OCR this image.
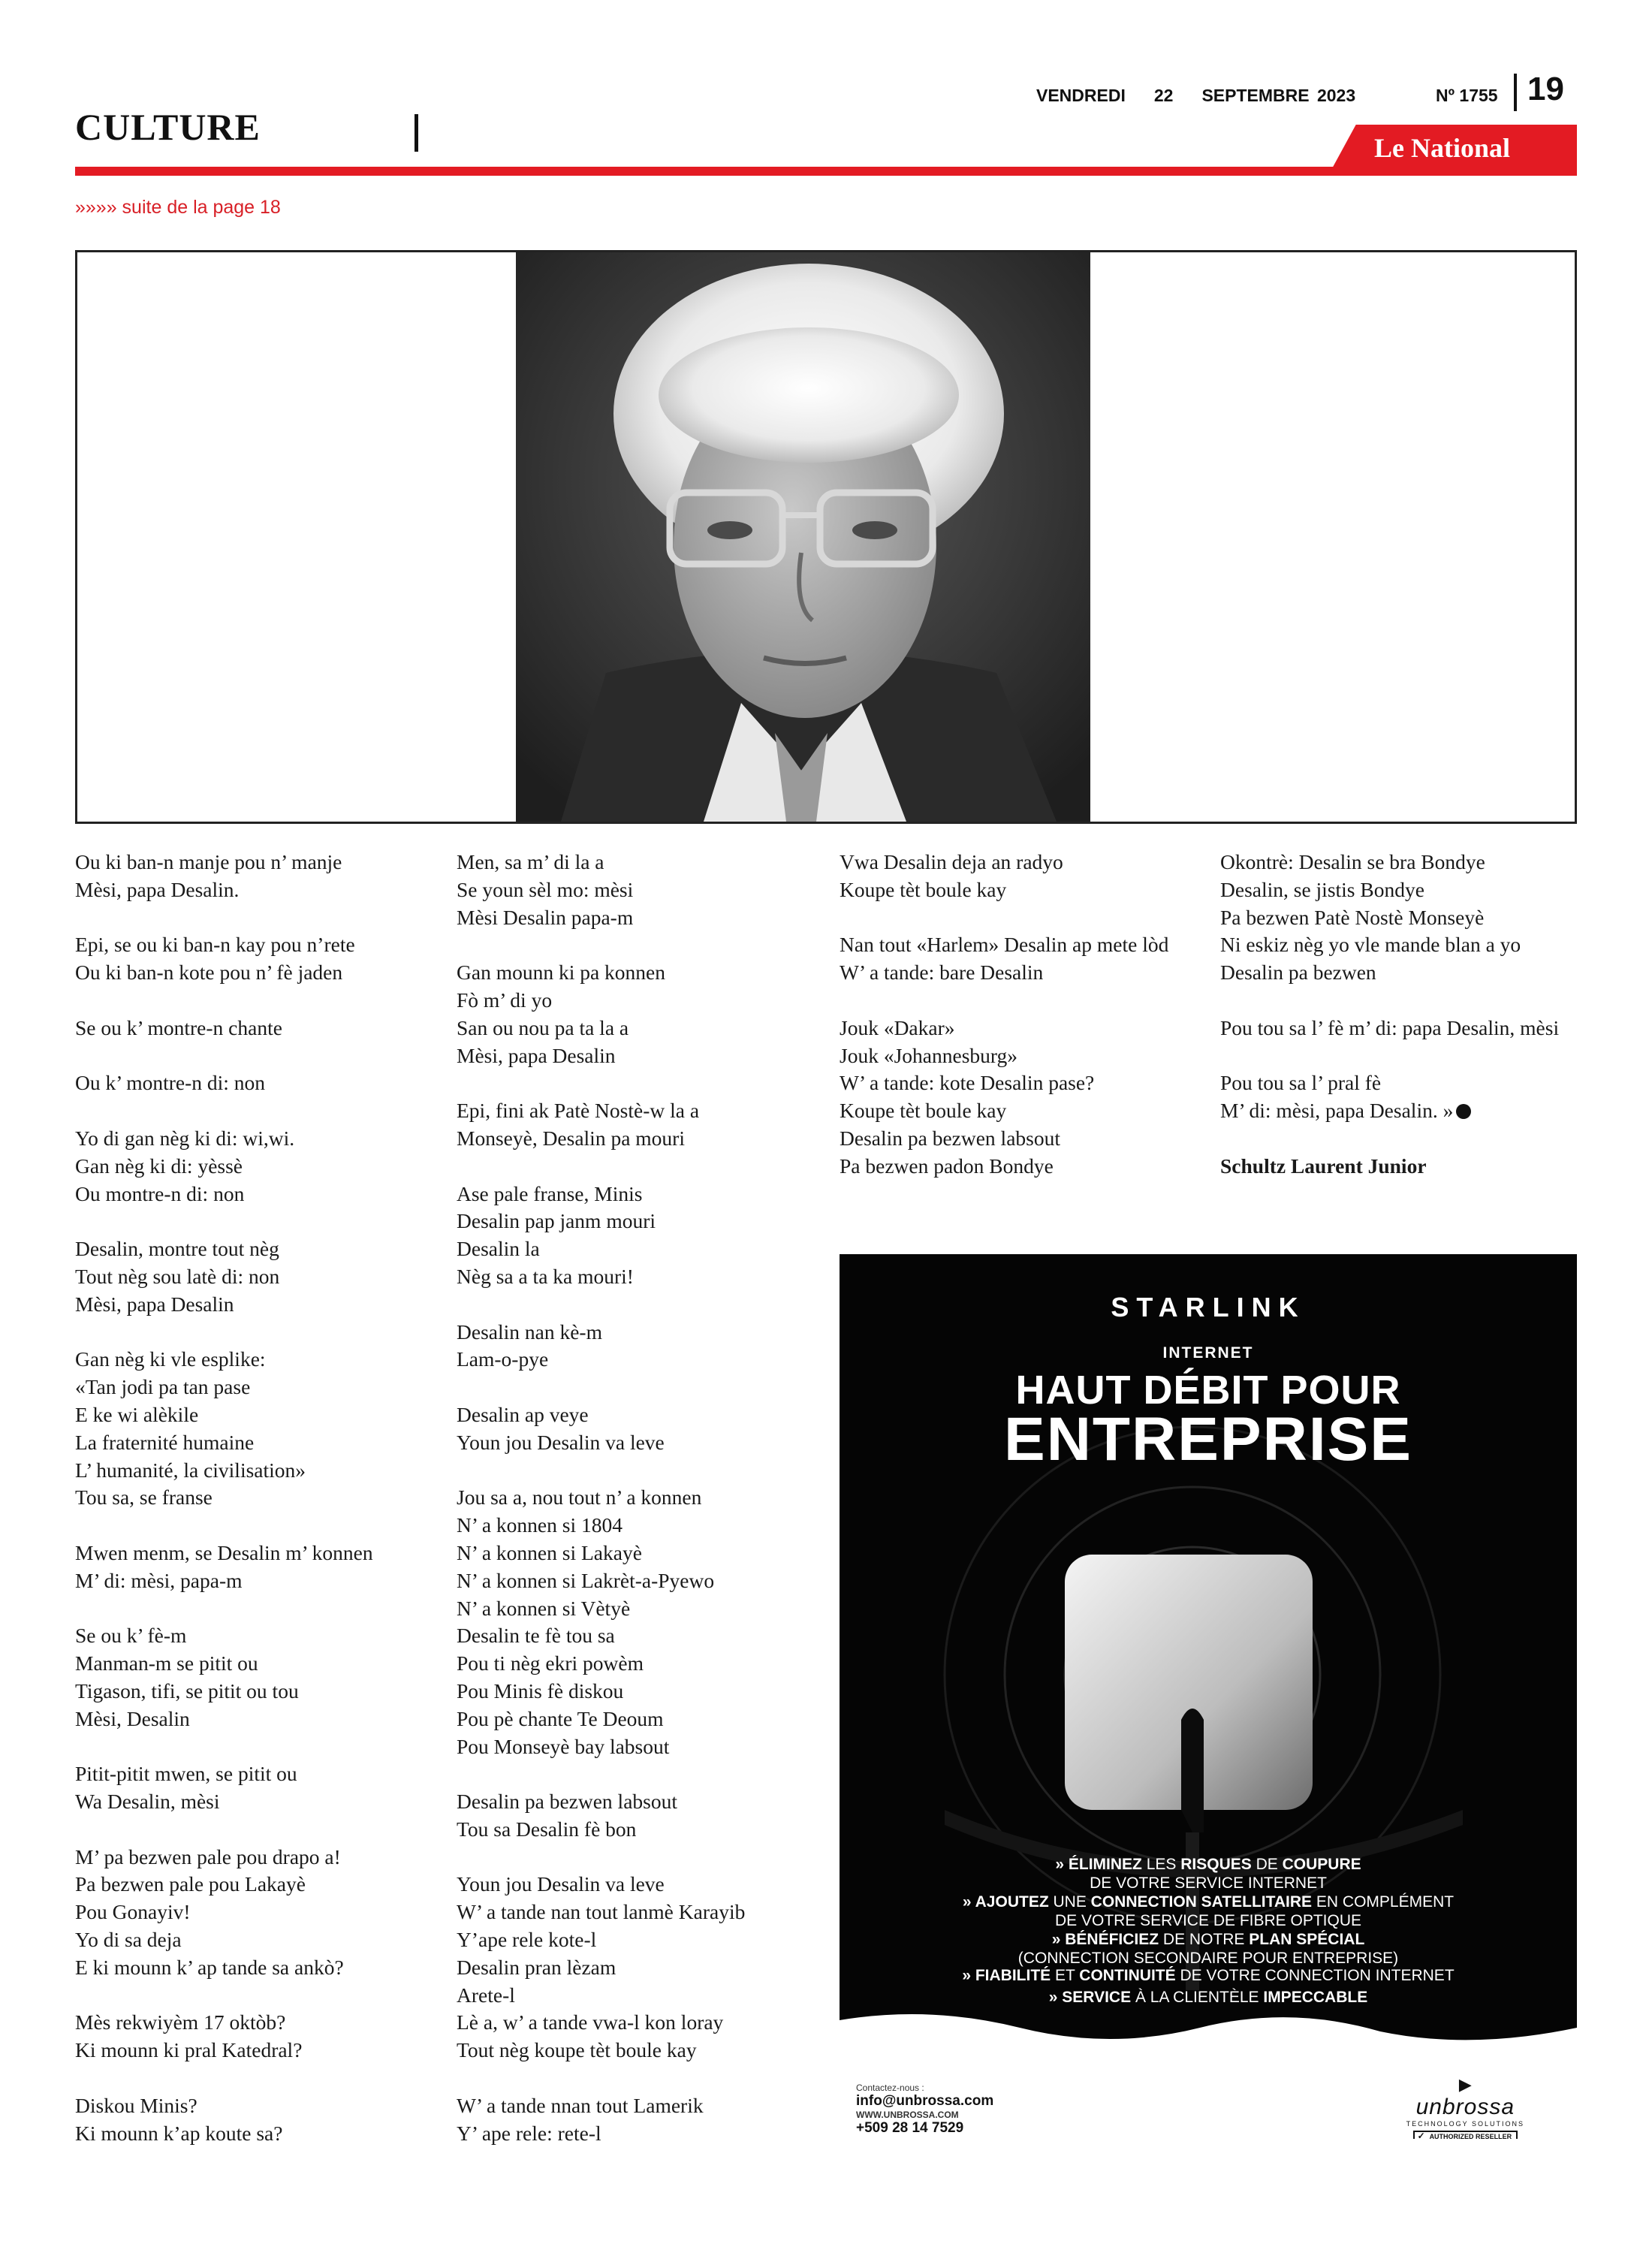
CULTURE
VENDREDI 22 SEPTEMBRE 2023	Nº 1755 19
Le National
»»»» suite de la page 18

Ou ki ban-n manje pou n’ manje
Mèsi, papa Desalin.

Epi, se ou ki ban-n kay pou n’rete
Ou ki ban-n kote pou n’ fè jaden

Se ou k’ montre-n chante

Ou k’ montre-n di: non

Yo di gan nèg ki di: wi,wi.
Gan nèg ki di: yèssè
Ou montre-n di: non

Desalin, montre tout nèg
Tout nèg sou latè di: non
Mèsi, papa Desalin

Gan nèg ki vle esplike:
«Tan jodi pa tan pase
E ke wi alèkile
La fraternité humaine
L’ humanité, la civilisation»
Tou sa, se franse

Mwen menm, se Desalin m’ konnen
M’ di: mèsi, papa-m

Se ou k’ fè-m
Manman-m se pitit ou
Tigason, tifi, se pitit ou tou
Mèsi, Desalin

Pitit-pitit mwen, se pitit ou
Wa Desalin, mèsi

M’ pa bezwen pale pou drapo a!
Pa bezwen pale pou Lakayè
Pou Gonayiv!
Yo di sa deja
E ki mounn k’ ap tande sa ankò?

Mès rekwiyèm 17 oktòb?
Ki mounn ki pral Katedral?

Diskou Minis?
Ki mounn k’ap koute sa?

Men, sa m’ di la a
Se youn sèl mo: mèsi
Mèsi Desalin papa-m

Gan mounn ki pa konnen
Fò m’ di yo
San ou nou pa ta la a
Mèsi, papa Desalin

Epi, fini ak Patè Nostè-w la a
Monseyè, Desalin pa mouri

Ase pale franse, Minis
Desalin pap janm mouri
Desalin la
Nèg sa a ta ka mouri!

Desalin nan kè-m
Lam-o-pye

Desalin ap veye
Youn jou Desalin va leve

Jou sa a, nou tout n’ a konnen
N’ a konnen si 1804
N’ a konnen si Lakayè
N’ a konnen si Lakrèt-a-Pyewo
N’ a konnen si Vètyè
Desalin te fè tou sa
Pou ti nèg ekri powèm
Pou Minis fè diskou
Pou pè chante Te Deoum
Pou Monseyè bay labsout

Desalin pa bezwen labsout
Tou sa Desalin fè bon

Youn jou Desalin va leve
W’ a tande nan tout lanmè Karayib
Y’ape rele kote-l
Desalin pran lèzam
Arete-l
Lè a, w’ a tande vwa-l kon loray
Tout nèg koupe tèt boule kay

W’ a tande nnan tout Lamerik
Y’ ape rele: rete-l

Vwa Desalin deja an radyo
Koupe tèt boule kay

Nan tout «Harlem» Desalin ap mete lòd
W’ a tande: bare Desalin

Jouk «Dakar»
Jouk «Johannesburg»
W’ a tande: kote Desalin pase?
Koupe tèt boule kay
Desalin pa bezwen labsout
Pa bezwen padon Bondye

Okontrè: Desalin se bra Bondye
Desalin, se jistis Bondye
Pa bezwen Patè Nostè Monseyè
Ni eskiz nèg yo vle mande blan a yo
Desalin pa bezwen

Pou tou sa l’ fè m’ di: papa Desalin, mèsi

Pou tou sa l’ pral fè
M’ di: mèsi, papa Desalin. »

Schultz Laurent Junior

STARLINK
INTERNET
HAUT DÉBIT POUR
ENTREPRISE
» ÉLIMINEZ LES RISQUES DE COUPURE
DE VOTRE SERVICE INTERNET
» AJOUTEZ UNE CONNECTION SATELLITAIRE EN COMPLÉMENT
DE VOTRE SERVICE DE FIBRE OPTIQUE
» BÉNÉFICIEZ DE NOTRE PLAN SPÉCIAL
(CONNECTION SECONDAIRE POUR ENTREPRISE)
» FIABILITÉ ET CONTINUITÉ DE VOTRE CONNECTION INTERNET
» SERVICE À LA CLIENTÈLE IMPECCABLE
Contactez-nous :
info@unbrossa.com
WWW.UNBROSSA.COM
+509 28 14 7529
▶
unbrossa
TECHNOLOGY SOLUTIONS
✓ AUTHORIZED RESELLER
